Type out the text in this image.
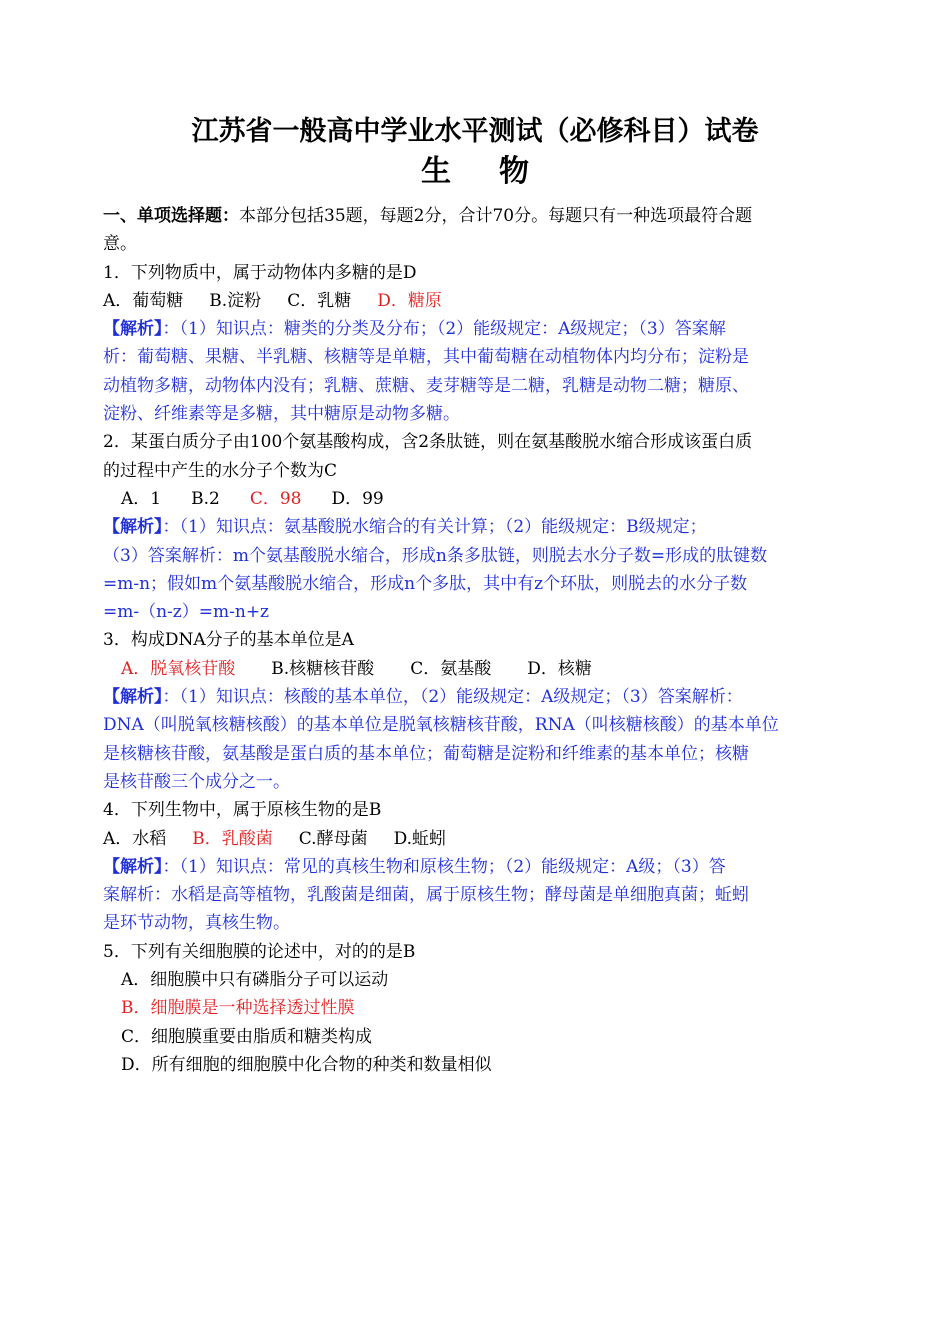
江苏省一般高中学业水平测试（必修科目）试卷
生物
一、单项选择题：本部分包括35题，每题2分，合计70分。每题只有一种选项最符合题
意。
1．下列物质中，属于动物体内多糖的是D
A．葡萄糖 B.淀粉 C．乳糖 D．糖原
【解析】：（1）知识点：糖类的分类及分布；（2）能级规定：A级规定；（3）答案解
析：葡萄糖、果糖、半乳糖、核糖等是单糖，其中葡萄糖在动植物体内均分布；淀粉是
动植物多糖，动物体内没有；乳糖、蔗糖、麦芽糖等是二糖，乳糖是动物二糖；糖原、
淀粉、纤维素等是多糖，其中糖原是动物多糖。
2．某蛋白质分子由100个氨基酸构成，含2条肽链，则在氨基酸脱水缩合形成该蛋白质
的过程中产生的水分子个数为C
A．1 B.2 C．98 D．99
【解析】：（1）知识点：氨基酸脱水缩合的有关计算；（2）能级规定：B级规定；
（3）答案解析：m个氨基酸脱水缩合，形成n条多肽链，则脱去水分子数=形成的肽键数
=m-n；假如m个氨基酸脱水缩合，形成n个多肽，其中有z个环肽，则脱去的水分子数
=m-（n-z）=m-n+z
3．构成DNA分子的基本单位是A
A．脱氧核苷酸 B.核糖核苷酸 C．氨基酸 D．核糖
【解析】：（1）知识点：核酸的基本单位，（2）能级规定：A级规定；（3）答案解析：
DNA（叫脱氧核糖核酸）的基本单位是脱氧核糖核苷酸，RNA（叫核糖核酸）的基本单位
是核糖核苷酸，氨基酸是蛋白质的基本单位；葡萄糖是淀粉和纤维素的基本单位；核糖
是核苷酸三个成分之一。
4．下列生物中，属于原核生物的是B
A．水稻 B．乳酸菌 C.酵母菌 D.蚯蚓
【解析】：（1）知识点：常见的真核生物和原核生物；（2）能级规定：A级；（3）答
案解析：水稻是高等植物，乳酸菌是细菌，属于原核生物；酵母菌是单细胞真菌；蚯蚓
是环节动物，真核生物。
5．下列有关细胞膜的论述中，对的的是B
A．细胞膜中只有磷脂分子可以运动
B．细胞膜是一种选择透过性膜
C．细胞膜重要由脂质和糖类构成
D．所有细胞的细胞膜中化合物的种类和数量相似
